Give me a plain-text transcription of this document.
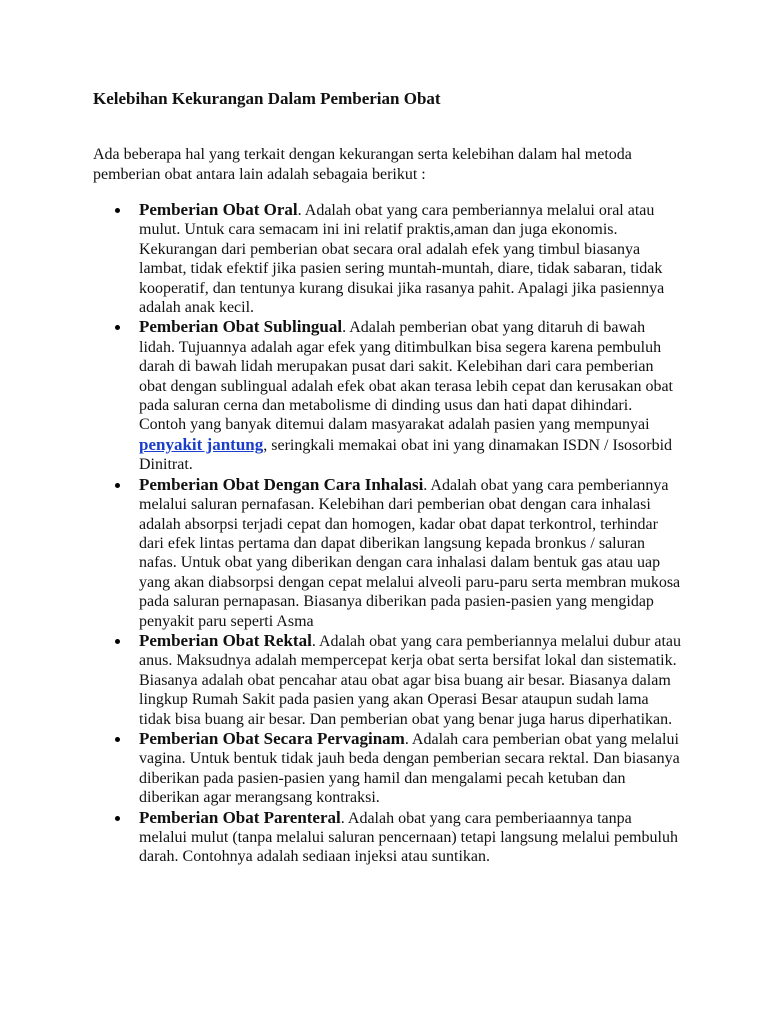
Kelebihan Kekurangan Dalam Pemberian Obat

Ada beberapa hal yang terkait dengan kekurangan serta kelebihan dalam hal metoda pemberian obat antara lain adalah sebagaia berikut :

Pemberian Obat Oral. Adalah obat yang cara pemberiannya melalui oral atau mulut. Untuk cara semacam ini ini relatif praktis,aman dan juga ekonomis. Kekurangan dari pemberian obat secara oral adalah efek yang timbul biasanya lambat, tidak efektif jika pasien sering muntah-muntah, diare, tidak sabaran, tidak kooperatif, dan tentunya kurang disukai jika rasanya pahit. Apalagi jika pasiennya adalah anak kecil.
Pemberian Obat Sublingual. Adalah pemberian obat yang ditaruh di bawah lidah. Tujuannya adalah agar efek yang ditimbulkan bisa segera karena pembuluh darah di bawah lidah merupakan pusat dari sakit. Kelebihan dari cara pemberian obat dengan sublingual adalah efek obat akan terasa lebih cepat dan kerusakan obat pada saluran cerna dan metabolisme di dinding usus dan hati dapat dihindari. Contoh yang banyak ditemui dalam masyarakat adalah pasien yang mempunyai penyakit jantung, seringkali memakai obat ini yang dinamakan ISDN / Isosorbid Dinitrat.
Pemberian Obat Dengan Cara Inhalasi. Adalah obat yang cara pemberiannya melalui saluran pernafasan. Kelebihan dari pemberian obat dengan cara inhalasi adalah absorpsi terjadi cepat dan homogen, kadar obat dapat terkontrol, terhindar dari efek lintas pertama dan dapat diberikan langsung kepada bronkus / saluran nafas. Untuk obat yang diberikan dengan cara inhalasi dalam bentuk gas atau uap yang akan diabsorpsi dengan cepat melalui alveoli paru-paru serta membran mukosa pada saluran pernapasan. Biasanya diberikan pada pasien-pasien yang mengidap penyakit paru seperti Asma
Pemberian Obat Rektal. Adalah obat yang cara pemberiannya melalui dubur atau anus. Maksudnya adalah mempercepat kerja obat serta bersifat lokal dan sistematik. Biasanya adalah obat pencahar atau obat agar bisa buang air besar. Biasanya dalam lingkup Rumah Sakit pada pasien yang akan Operasi Besar ataupun sudah lama tidak bisa buang air besar. Dan pemberian obat yang benar juga harus diperhatikan.
Pemberian Obat Secara Pervaginam. Adalah cara pemberian obat yang melalui vagina. Untuk bentuk tidak jauh beda dengan pemberian secara rektal. Dan biasanya diberikan pada pasien-pasien yang hamil dan mengalami pecah ketuban dan diberikan agar merangsang kontraksi.
Pemberian Obat Parenteral. Adalah obat yang cara pemberiaannya tanpa melalui mulut (tanpa melalui saluran pencernaan) tetapi langsung melalui pembuluh darah. Contohnya adalah sediaan injeksi atau suntikan.
